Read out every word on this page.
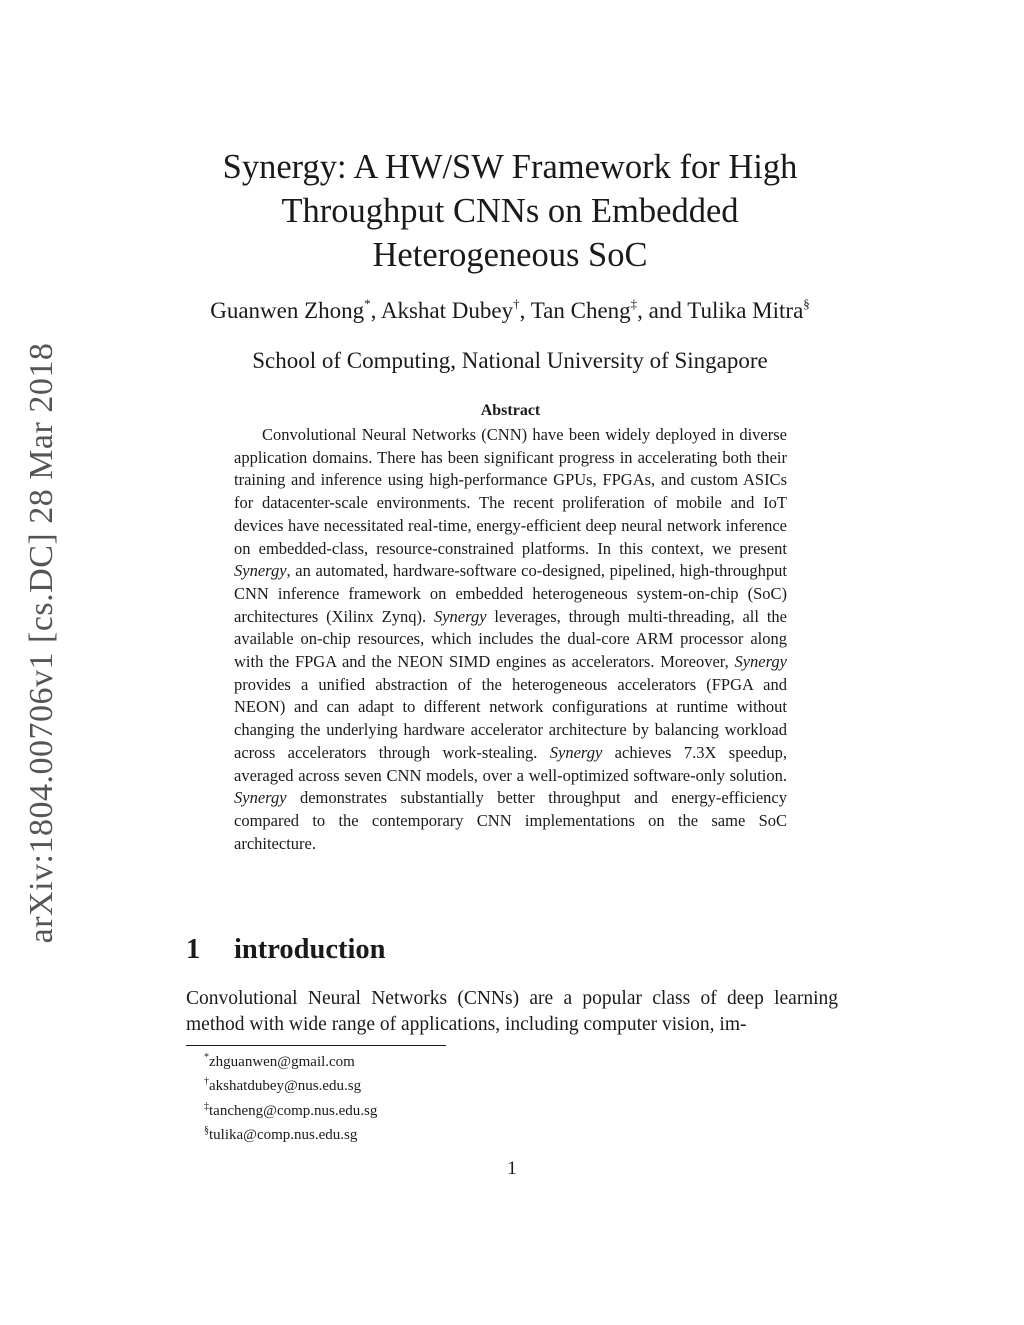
arXiv:1804.00706v1 [cs.DC] 28 Mar 2018
Synergy: A HW/SW Framework for High
Throughput CNNs on Embedded
Heterogeneous SoC
Guanwen Zhong*, Akshat Dubey†, Tan Cheng‡, and Tulika Mitra§
School of Computing, National University of Singapore
Abstract

Convolutional Neural Networks (CNN) have been widely deployed in diverse application domains. There has been significant progress in accelerating both their training and inference using high-performance GPUs, FPGAs, and custom ASICs for datacenter-scale environments. The recent proliferation of mobile and IoT devices have necessitated real-time, energy-efficient deep neural network inference on embedded-class, resource-constrained platforms. In this context, we present Synergy, an automated, hardware-software co-designed, pipelined, high-throughput CNN inference framework on embedded heterogeneous system-on-chip (SoC) architectures (Xilinx Zynq). Synergy leverages, through multi-threading, all the available on-chip resources, which includes the dual-core ARM processor along with the FPGA and the NEON SIMD engines as accelerators. Moreover, Synergy provides a unified abstraction of the heterogeneous accelerators (FPGA and NEON) and can adapt to different network configurations at runtime without changing the underlying hardware accelerator architecture by balancing workload across accelerators through work-stealing. Synergy achieves 7.3X speedup, averaged across seven CNN models, over a well-optimized software-only solution. Synergy demonstrates substantially better throughput and energy-efficiency compared to the contemporary CNN implementations on the same SoC architecture.

1 introduction

Convolutional Neural Networks (CNNs) are a popular class of deep learning method with wide range of applications, including computer vision, im-

*zhguanwen@gmail.com
†akshatdubey@nus.edu.sg
‡tancheng@comp.nus.edu.sg
§tulika@comp.nus.edu.sg
1
